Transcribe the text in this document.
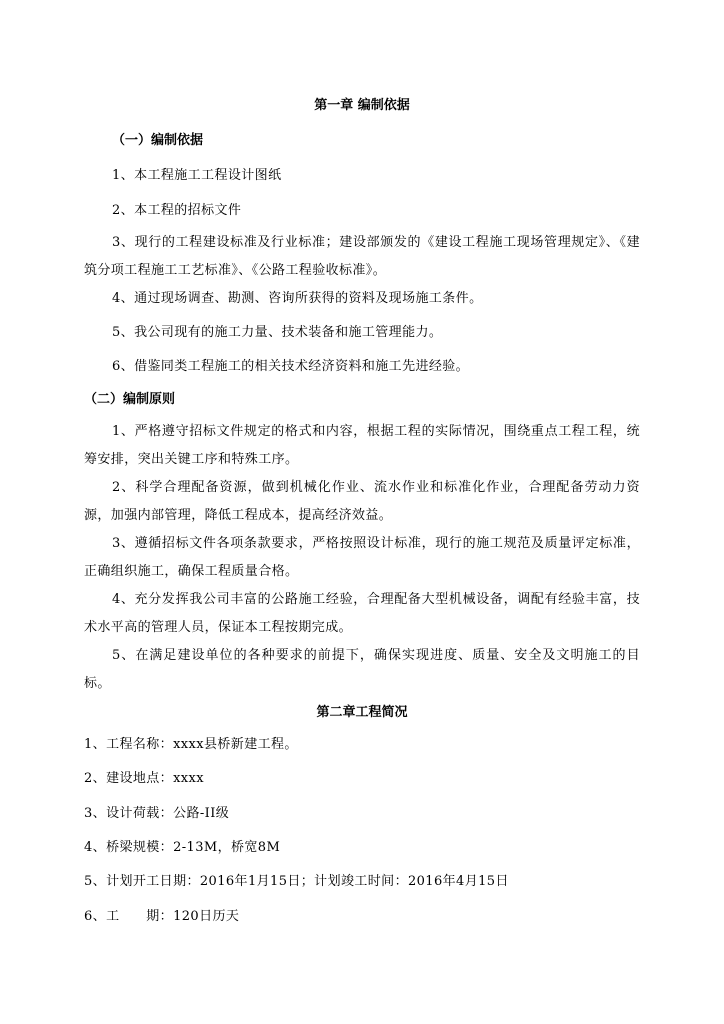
第一章 编制依据
（一）编制依据
1、本工程施工工程设计图纸
2、本工程的招标文件
3、现行的工程建设标准及行业标准；建设部颁发的《建设工程施工现场管理规定》、《建筑分项工程施工工艺标准》、《公路工程验收标准》。
4、通过现场调查、勘测、咨询所获得的资料及现场施工条件。
5、我公司现有的施工力量、技术装备和施工管理能力。
6、借鉴同类工程施工的相关技术经济资料和施工先进经验。
（二）编制原则
1、严格遵守招标文件规定的格式和内容，根据工程的实际情况，围绕重点工程工程，统筹安排，突出关键工序和特殊工序。
2、科学合理配备资源，做到机械化作业、流水作业和标准化作业，合理配备劳动力资源，加强内部管理，降低工程成本，提高经济效益。
3、遵循招标文件各项条款要求，严格按照设计标准，现行的施工规范及质量评定标准，正确组织施工，确保工程质量合格。
4、充分发挥我公司丰富的公路施工经验，合理配备大型机械设备，调配有经验丰富，技术水平高的管理人员，保证本工程按期完成。
5、在满足建设单位的各种要求的前提下，确保实现进度、质量、安全及文明施工的目标。
第二章工程简况
1、工程名称：xxxx县桥新建工程。
2、建设地点：xxxx
3、设计荷载：公路-II级
4、桥梁规模：2-13M，桥宽8M
5、计划开工日期：2016年1月15日；计划竣工时间：2016年4月15日
6、工　　期：120日历天
